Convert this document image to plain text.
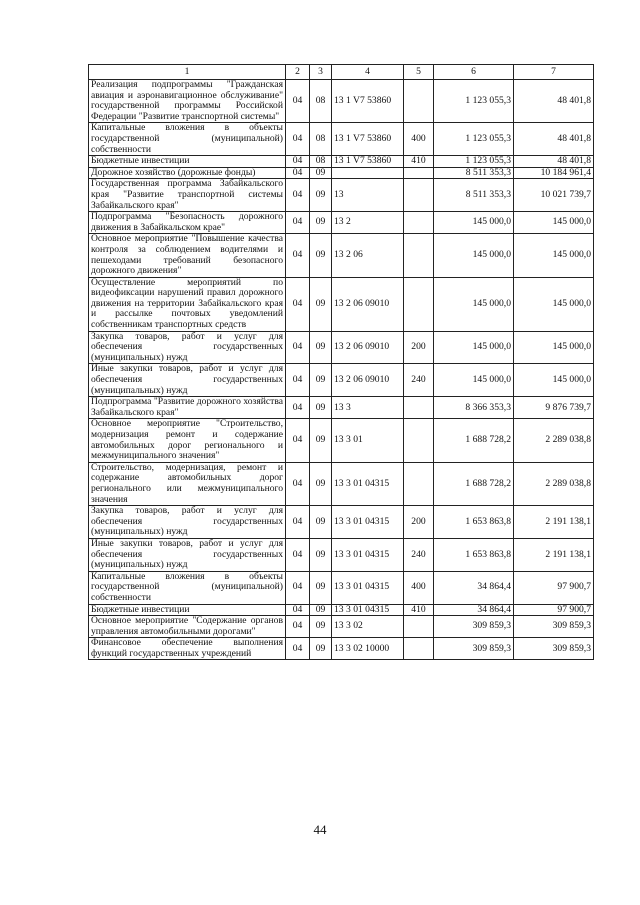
1	2	3	4	5	6	7
Реализация подпрограммы "Гражданская авиация и аэронавигационное обслуживание" государственной программы Российской Федерации "Развитие транспортной системы"	04	08	13 1 V7 53860		1 123 055,3	48 401,8
Капитальные вложения в объекты государственной (муниципальной) собственности	04	08	13 1 V7 53860	400	1 123 055,3	48 401,8
Бюджетные инвестиции	04	08	13 1 V7 53860	410	1 123 055,3	48 401,8
Дорожное хозяйство (дорожные фонды)	04	09			8 511 353,3	10 184 961,4
Государственная программа Забайкальского края "Развитие транспортной системы Забайкальского края"	04	09	13		8 511 353,3	10 021 739,7
Подпрограмма "Безопасность дорожного движения в Забайкальском крае"	04	09	13 2		145 000,0	145 000,0
Основное мероприятие "Повышение качества контроля за соблюдением водителями и пешеходами требований безопасного дорожного движения"	04	09	13 2 06		145 000,0	145 000,0
Осуществление мероприятий по видеофиксации нарушений правил дорожного движения на территории Забайкальского края и рассылке почтовых уведомлений собственникам транспортных средств	04	09	13 2 06 09010		145 000,0	145 000,0
Закупка товаров, работ и услуг для обеспечения государственных (муниципальных) нужд	04	09	13 2 06 09010	200	145 000,0	145 000,0
Иные закупки товаров, работ и услуг для обеспечения государственных (муниципальных) нужд	04	09	13 2 06 09010	240	145 000,0	145 000,0
Подпрограмма "Развитие дорожного хозяйства Забайкальского края"	04	09	13 3		8 366 353,3	9 876 739,7
Основное мероприятие "Строительство, модернизация ремонт и содержание автомобильных дорог регионального и межмуниципального значения"	04	09	13 3 01		1 688 728,2	2 289 038,8
Строительство, модернизация, ремонт и содержание автомобильных дорог регионального или межмуниципального значения	04	09	13 3 01 04315		1 688 728,2	2 289 038,8
Закупка товаров, работ и услуг для обеспечения государственных (муниципальных) нужд	04	09	13 3 01 04315	200	1 653 863,8	2 191 138,1
Иные закупки товаров, работ и услуг для обеспечения государственных (муниципальных) нужд	04	09	13 3 01 04315	240	1 653 863,8	2 191 138,1
Капитальные вложения в объекты государственной (муниципальной) собственности	04	09	13 3 01 04315	400	34 864,4	97 900,7
Бюджетные инвестиции	04	09	13 3 01 04315	410	34 864,4	97 900,7
Основное мероприятие "Содержание органов управления автомобильными дорогами"	04	09	13 3 02		309 859,3	309 859,3
Финансовое обеспечение выполнения функций государственных учреждений	04	09	13 3 02 10000		309 859,3	309 859,3
44
